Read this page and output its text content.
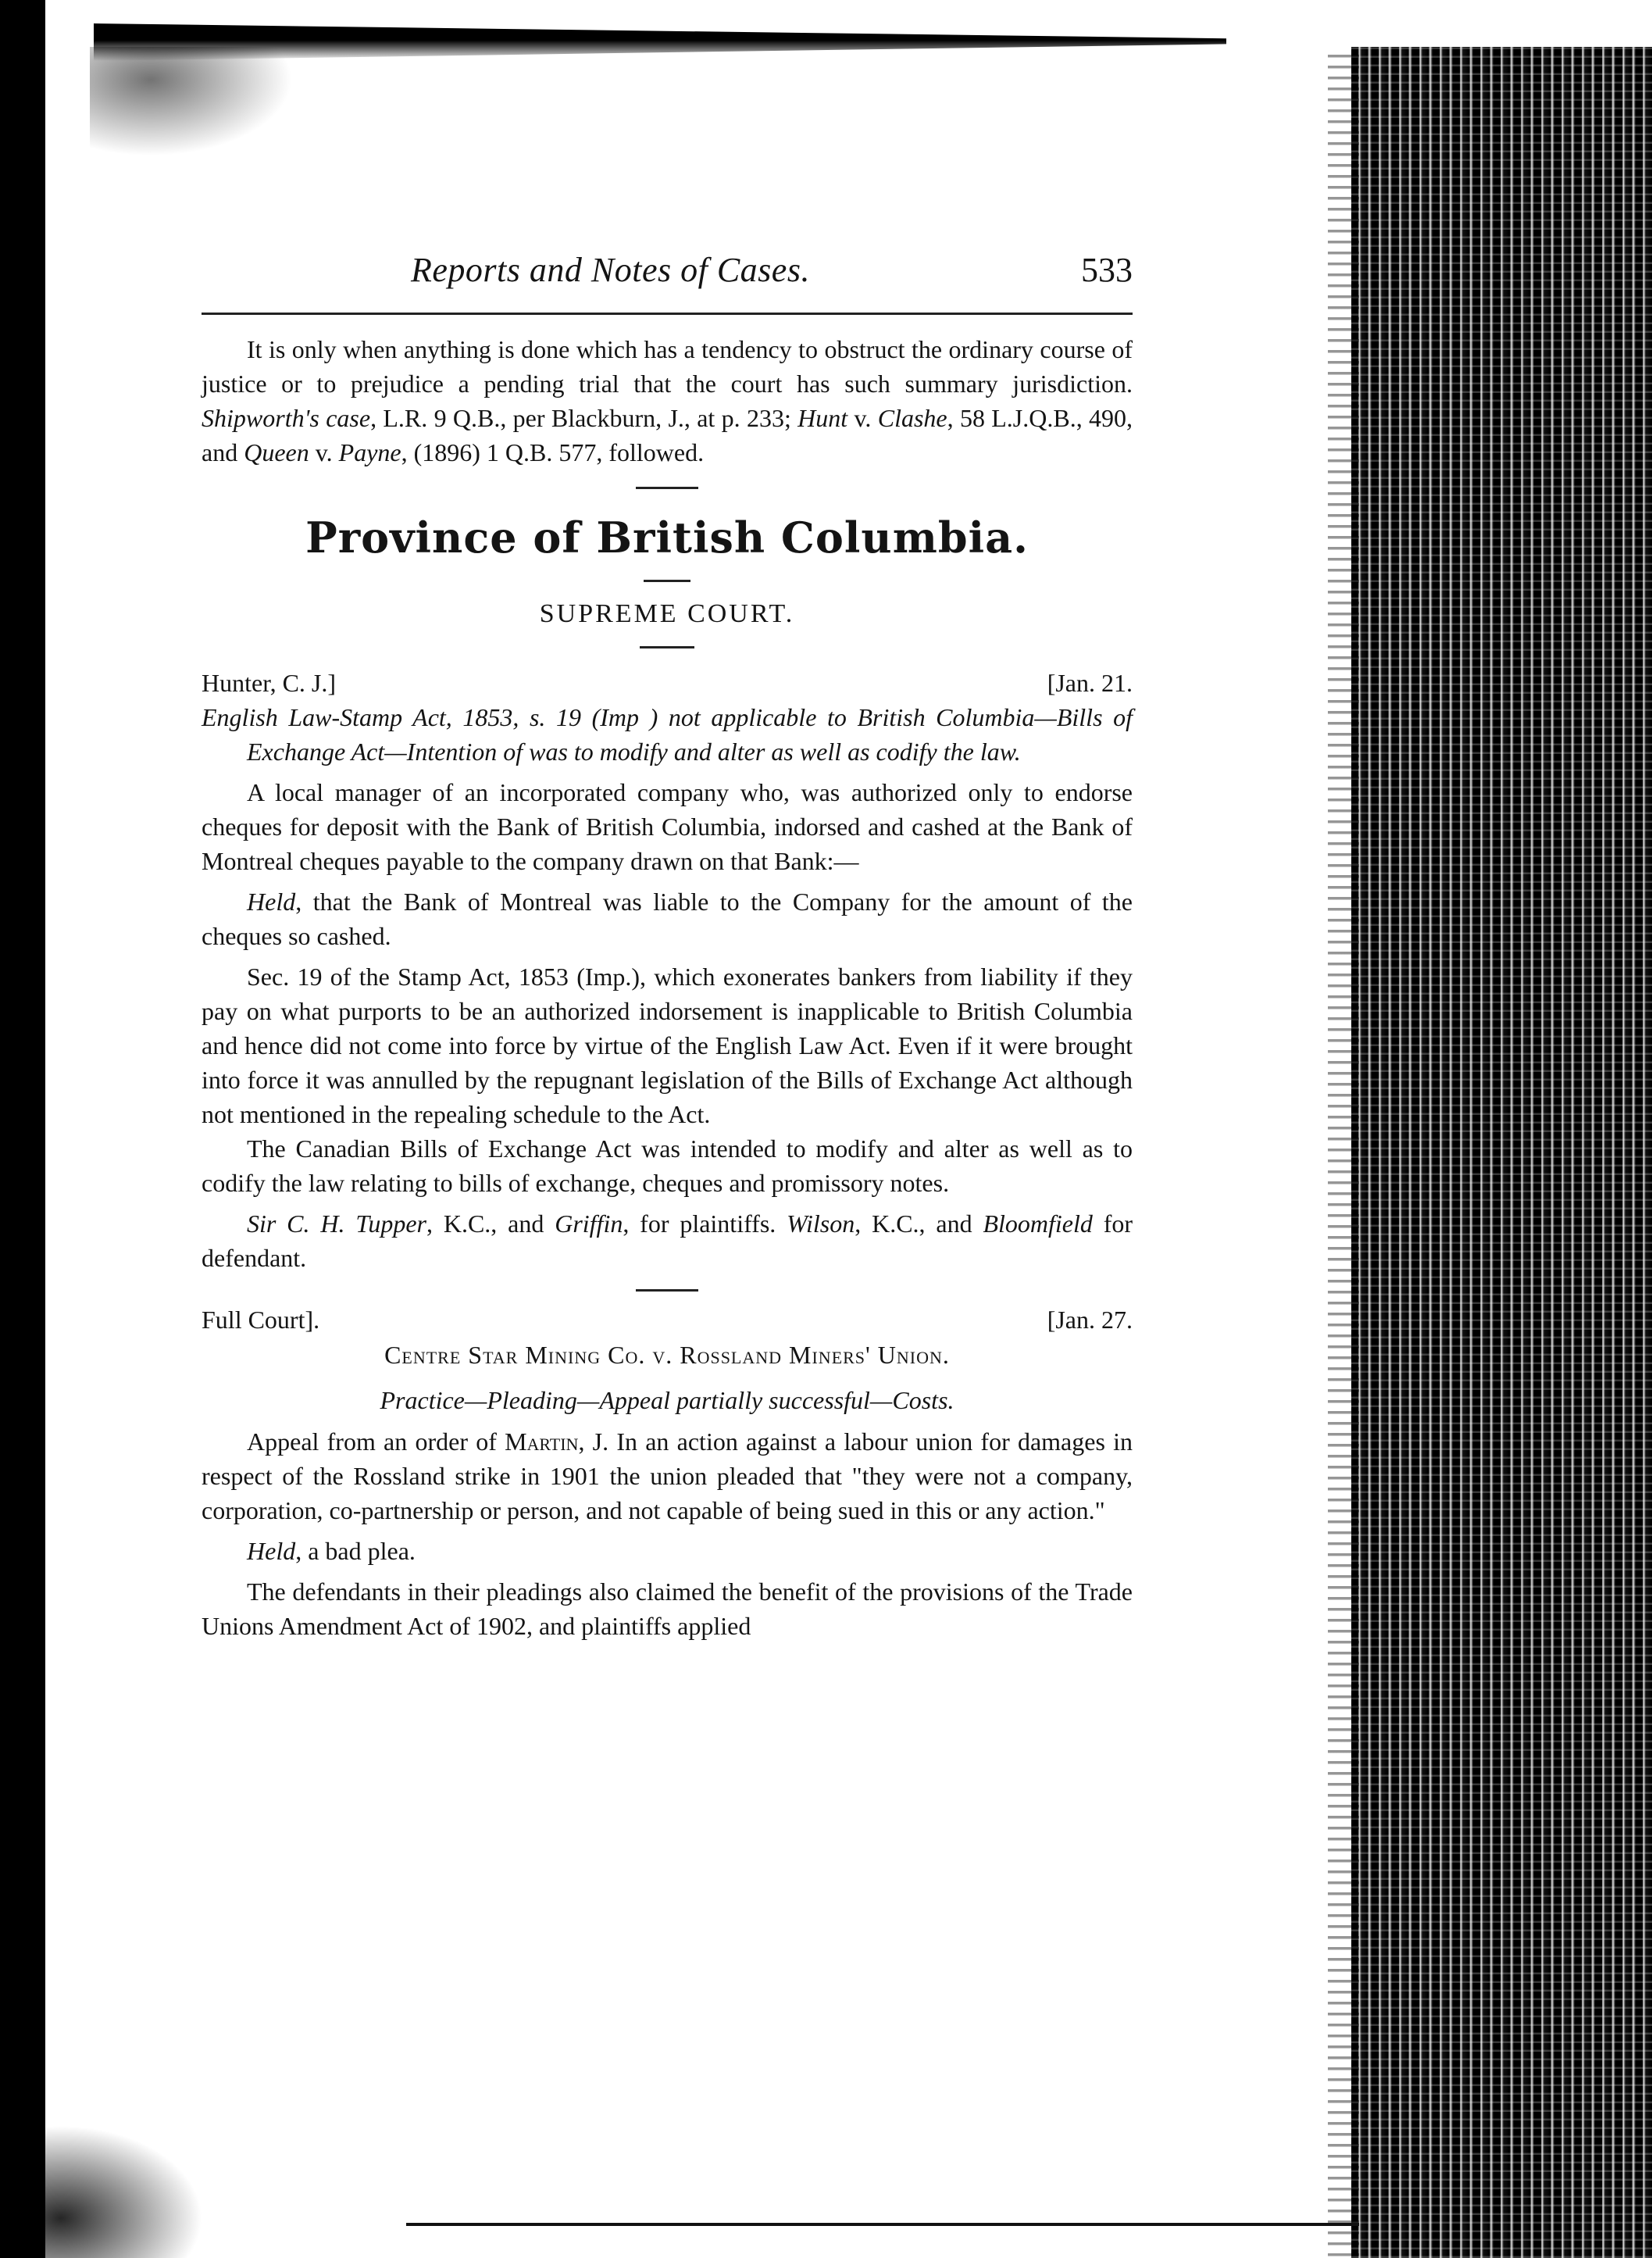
Reports and Notes of Cases.	533

It is only when anything is done which has a tendency to obstruct the ordinary course of justice or to prejudice a pending trial that the court has such summary jurisdiction. Shipworth's case, L.R. 9 Q.B., per Blackburn, J., at p. 233; Hunt v. Clashe, 58 L.J.Q.B., 490, and Queen v. Payne, (1896) 1 Q.B. 577, followed.

Province of British Columbia.
SUPREME COURT.
Hunter, C. J.]	[Jan. 21.

English Law-Stamp Act, 1853, s. 19 (Imp ) not applicable to British Columbia—Bills of Exchange Act—Intention of was to modify and alter as well as codify the law.

A local manager of an incorporated company who, was authorized only to endorse cheques for deposit with the Bank of British Columbia, indorsed and cashed at the Bank of Montreal cheques payable to the company drawn on that Bank:—

Held, that the Bank of Montreal was liable to the Company for the amount of the cheques so cashed.

Sec. 19 of the Stamp Act, 1853 (Imp.), which exonerates bankers from liability if they pay on what purports to be an authorized indorsement is inapplicable to British Columbia and hence did not come into force by virtue of the English Law Act. Even if it were brought into force it was annulled by the repugnant legislation of the Bills of Exchange Act although not mentioned in the repealing schedule to the Act.

The Canadian Bills of Exchange Act was intended to modify and alter as well as to codify the law relating to bills of exchange, cheques and promissory notes.

Sir C. H. Tupper, K.C., and Griffin, for plaintiffs. Wilson, K.C., and Bloomfield for defendant.

Full Court].	[Jan. 27.
Centre Star Mining Co. v. Rossland Miners' Union.
Practice—Pleading—Appeal partially successful—Costs.

Appeal from an order of Martin, J. In an action against a labour union for damages in respect of the Rossland strike in 1901 the union pleaded that "they were not a company, corporation, co-partnership or person, and not capable of being sued in this or any action."

Held, a bad plea.

The defendants in their pleadings also claimed the benefit of the provisions of the Trade Unions Amendment Act of 1902, and plaintiffs applied
